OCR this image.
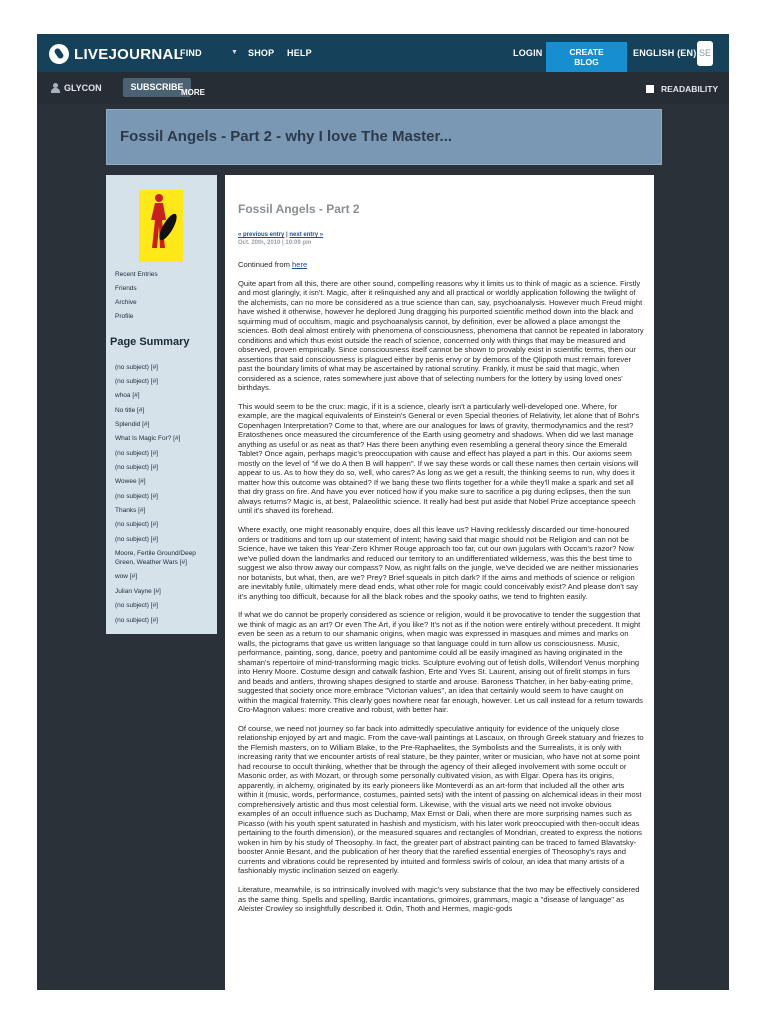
LIVEJOURNAL
FIND	▼ SHOP HELP	LOGIN	CREATE
BLOG
ENGLISH (EN) SE
GLYCON	SUBSCRIBE
MORE	READABILITY
Fossil Angels - Part 2 - why I love The Master...
Recent Entries
Friends
Archive
Profile
Page Summary
(no subject) [#]
(no subject) [#]
whoa [#]
No title [#]
Splendid [#]
What Is Magic For? [#]
(no subject) [#]
(no subject) [#]
Wowee [#]
(no subject) [#]
Thanks [#]
(no subject) [#]
(no subject) [#]
Moore, Fertile Ground/Deep Green, Weather Wars [#]
wow [#]
Julian Vayne [#]
(no subject) [#]
(no subject) [#]
Fossil Angels - Part 2
« previous entry | next entry »
Oct. 20th, 2010 | 10:09 pm

Continued from here

Quite apart from all this, there are other sound, compelling reasons why it limits us to think of magic as a science. Firstly and most glaringly, it isn't. Magic, after it relinquished any and all practical or worldly application following the twilight of the alchemists, can no more be considered as a true science than can, say, psychoanalysis. However much Freud might have wished it otherwise, however he deplored Jung dragging his purported scientific method down into the black and squirming mud of occultism, magic and psychoanalysis cannot, by definition, ever be allowed a place amongst the sciences. Both deal almost entirely with phenomena of consciousness, phenomena that cannot be repeated in laboratory conditions and which thus exist outside the reach of science, concerned only with things that may be measured and observed, proven empirically. Since consciousness itself cannot be shown to provably exist in scientific terms, then our assertions that said consciousness is plagued either by penis envy or by demons of the Qlippoth must remain forever past the boundary limits of what may be ascertained by rational scrutiny. Frankly, it must be said that magic, when considered as a science, rates somewhere just above that of selecting numbers for the lottery by using loved ones' birthdays.

This would seem to be the crux: magic, if it is a science, clearly isn't a particularly well-developed one. Where, for example, are the magical equivalents of Einstein's General or even Special theories of Relativity, let alone that of Bohr's Copenhagen Interpretation? Come to that, where are our analogues for laws of gravity, thermodynamics and the rest? Eratosthenes once measured the circumference of the Earth using geometry and shadows. When did we last manage anything as useful or as neat as that? Has there been anything even resembling a general theory since the Emerald Tablet? Once again, perhaps magic's preoccupation with cause and effect has played a part in this. Our axioms seem mostly on the level of "if we do A then B will happen". If we say these words or call these names then certain visions will appear to us. As to how they do so, well, who cares? As long as we get a result, the thinking seems to run, why does it matter how this outcome was obtained? If we bang these two flints together for a while they'll make a spark and set all that dry grass on fire. And have you ever noticed how if you make sure to sacrifice a pig during eclipses, then the sun always returns? Magic is, at best, Palaeolithic science. It really had best put aside that Nobel Prize acceptance speech until it's shaved its forehead.

Where exactly, one might reasonably enquire, does all this leave us? Having recklessly discarded our time-honoured orders or traditions and torn up our statement of intent; having said that magic should not be Religion and can not be Science, have we taken this Year-Zero Khmer Rouge approach too far, cut our own jugulars with Occam's razor? Now we've pulled down the landmarks and reduced our territory to an undifferentiated wilderness, was this the best time to suggest we also throw away our compass? Now, as night falls on the jungle, we've decided we are neither missionaries nor botanists, but what, then, are we? Prey? Brief squeals in pitch dark? If the aims and methods of science or religion are inevitably futile, ultimately mere dead ends, what other role for magic could conceivably exist? And please don't say it's anything too difficult, because for all the black robes and the spooky oaths, we tend to frighten easily.

If what we do cannot be properly considered as science or religion, would it be provocative to tender the suggestion that we think of magic as an art? Or even The Art, if you like? It's not as if the notion were entirely without precedent. It might even be seen as a return to our shamanic origins, when magic was expressed in masques and mimes and marks on walls, the pictograms that gave us written language so that language could in turn allow us consciousness. Music, performance, painting, song, dance, poetry and pantomime could all be easily imagined as having originated in the shaman's repertoire of mind-transforming magic tricks. Sculpture evolving out of fetish dolls, Willendorf Venus morphing into Henry Moore. Costume design and catwalk fashion, Erte and Yves St. Laurent, arising out of firelit stomps in furs and beads and antlers, throwing shapes designed to startle and arouse. Baroness Thatcher, in her baby-eating prime, suggested that society once more embrace "Victorian values", an idea that certainly would seem to have caught on within the magical fraternity. This clearly goes nowhere near far enough, however. Let us call instead for a return towards Cro-Magnon values: more creative and robust, with better hair.

Of course, we need not journey so far back into admittedly speculative antiquity for evidence of the uniquely close relationship enjoyed by art and magic. From the cave-wall paintings at Lascaux, on through Greek statuary and friezes to the Flemish masters, on to William Blake, to the Pre-Raphaelites, the Symbolists and the Surrealists, it is only with increasing rarity that we encounter artists of real stature, be they painter, writer or musician, who have not at some point had recourse to occult thinking, whether that be through the agency of their alleged involvement with some occult or Masonic order, as with Mozart, or through some personally cultivated vision, as with Elgar. Opera has its origins, apparently, in alchemy, originated by its early pioneers like Monteverdi as an art-form that included all the other arts within it (music, words, performance, costumes, painted sets) with the intent of passing on alchemical ideas in their most comprehensively artistic and thus most celestial form. Likewise, with the visual arts we need not invoke obvious examples of an occult influence such as Duchamp, Max Ernst or Dali, when there are more surprising names such as Picasso (with his youth spent saturated in hashish and mysticism, with his later work preoccupied with then-occult ideas pertaining to the fourth dimension), or the measured squares and rectangles of Mondrian, created to express the notions woken in him by his study of Theosophy. In fact, the greater part of abstract painting can be traced to famed Blavatsky-booster Annie Besant, and the publication of her theory that the rarefied essential energies of Theosophy's rays and currents and vibrations could be represented by intuited and formless swirls of colour, an idea that many artists of a fashionably mystic inclination seized on eagerly.

Literature, meanwhile, is so intrinsically involved with magic's very substance that the two may be effectively considered as the same thing. Spells and spelling, Bardic incantations, grimoires, grammars, magic a "disease of language" as Aleister Crowley so insightfully described it. Odin, Thoth and Hermes, magic-gods
